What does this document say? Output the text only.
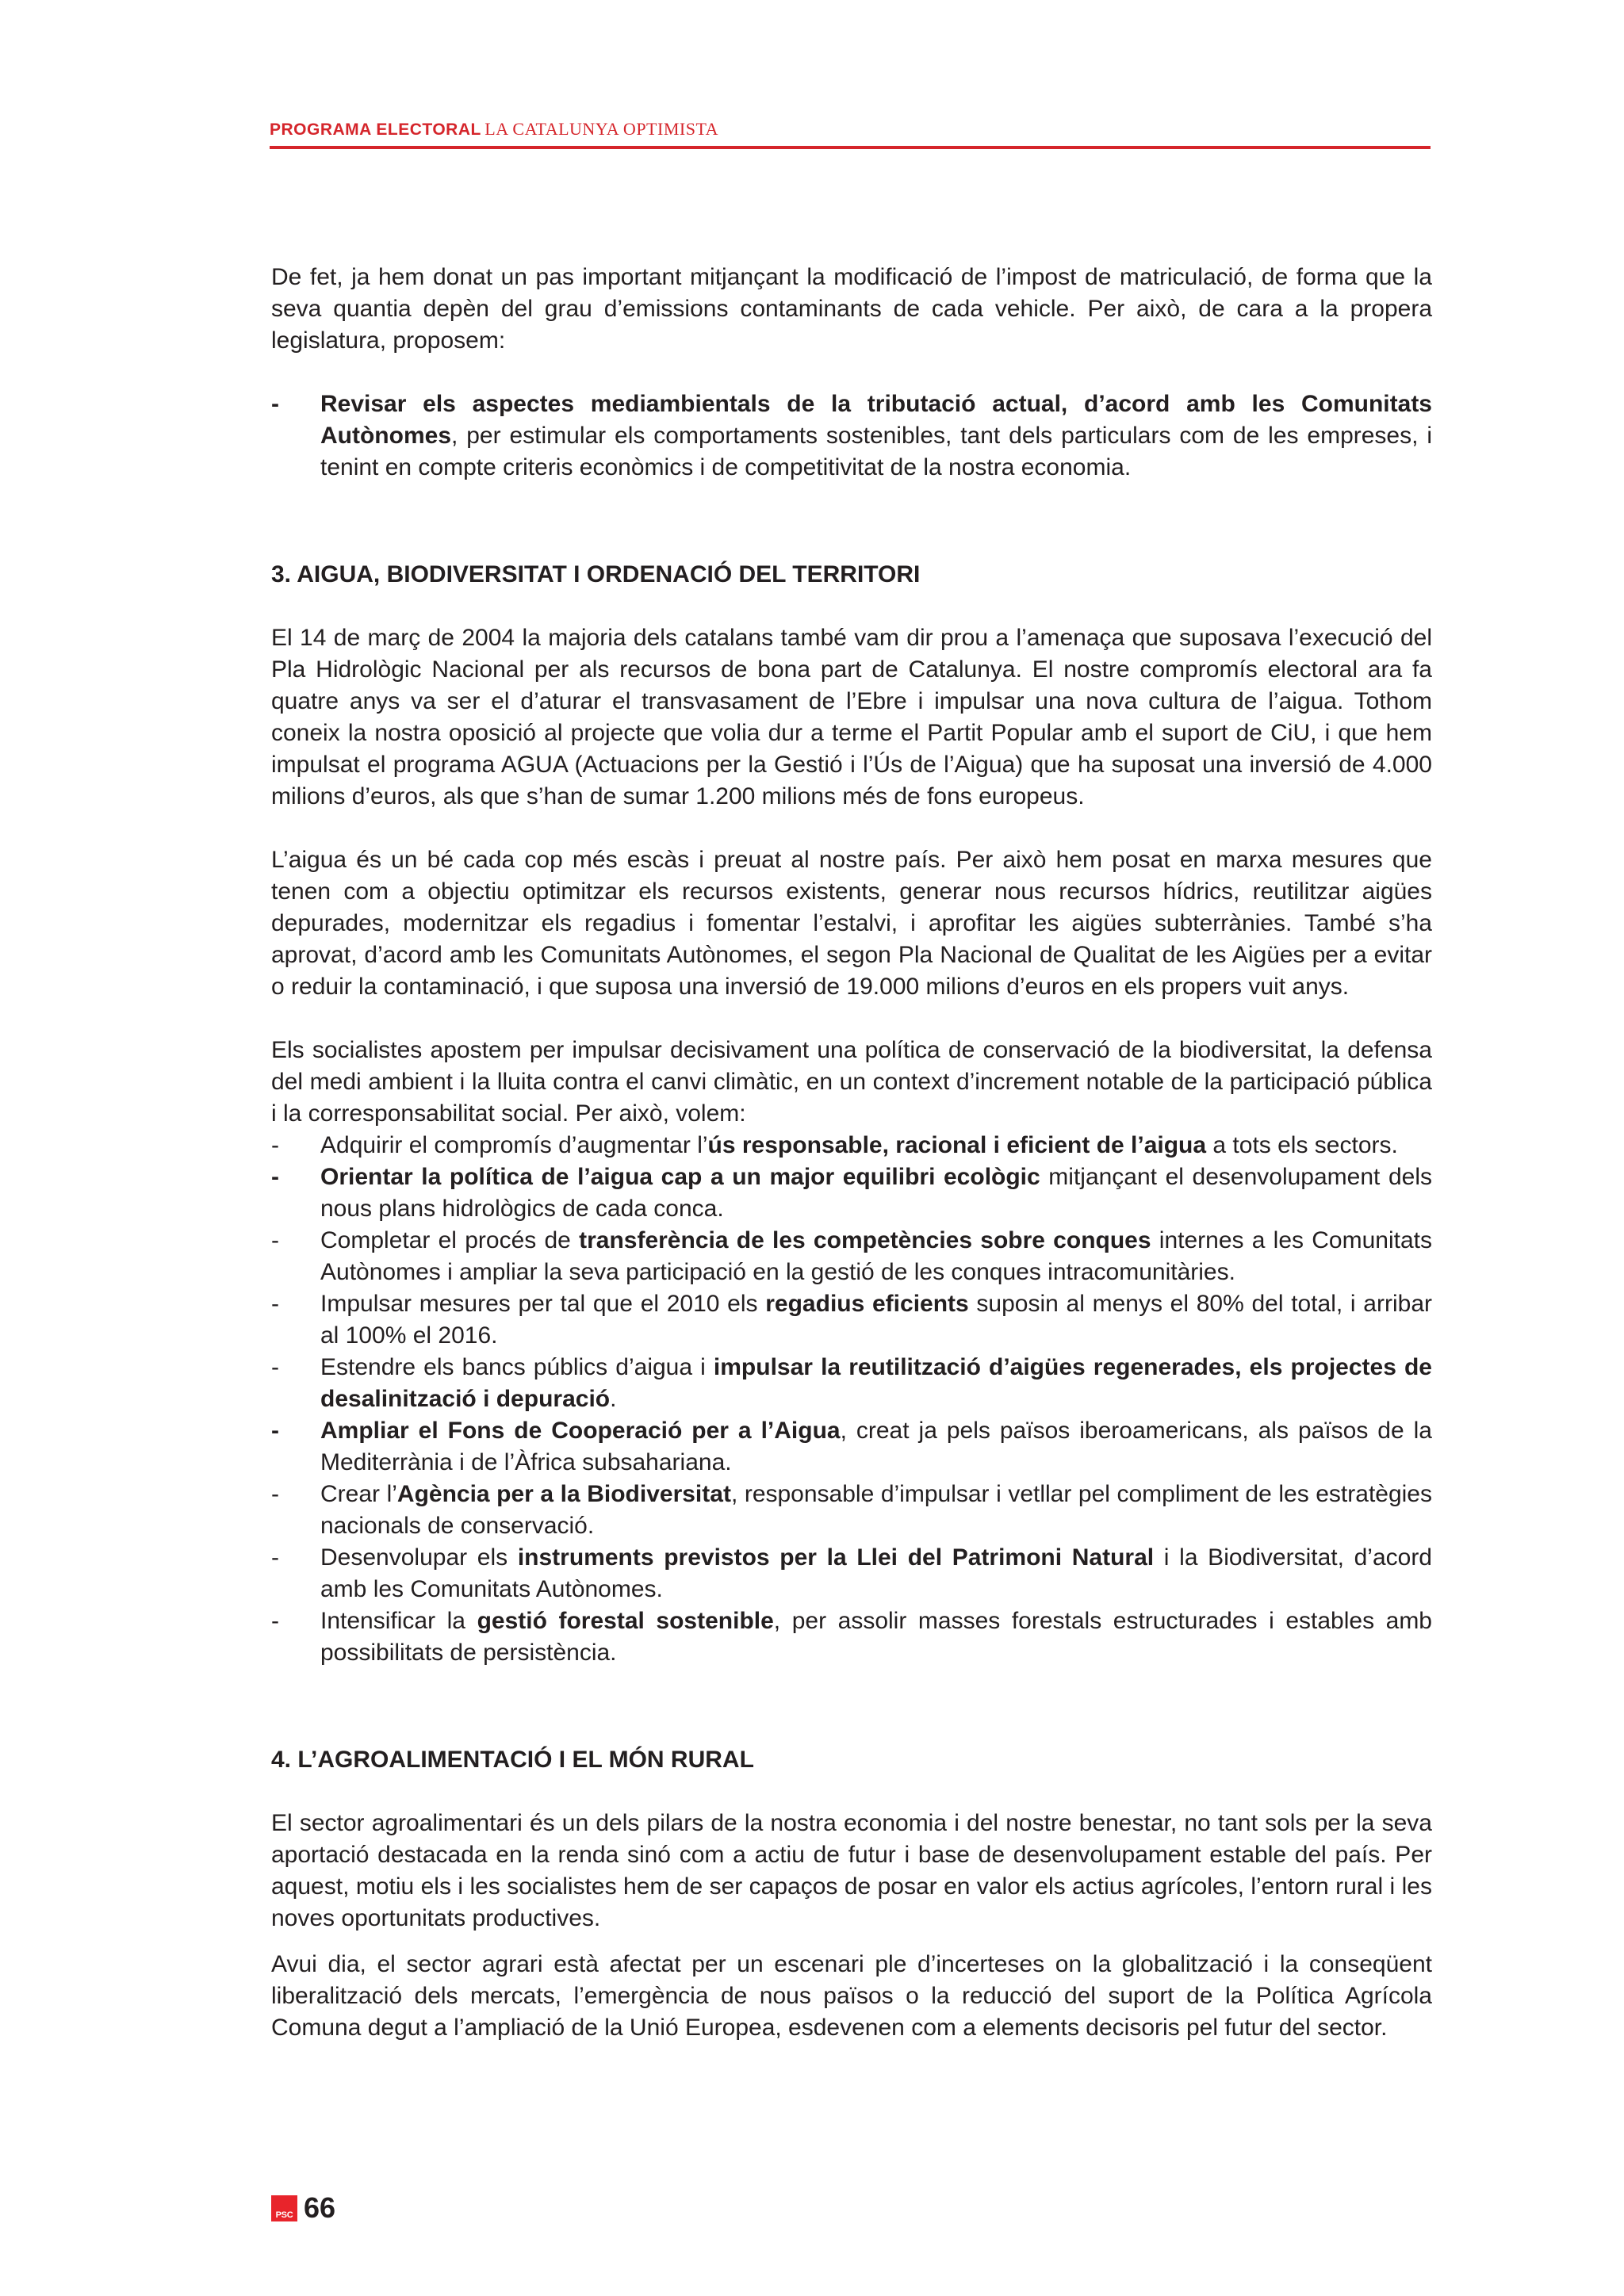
PROGRAMA ELECTORAL LA CATALUNYA OPTIMISTA

De fet, ja hem donat un pas important mitjançant la modificació de l’impost de matriculació, de forma que la seva quantia depèn del grau d’emissions contaminants de cada vehicle. Per això, de cara a la propera legislatura, proposem:

- Revisar els aspectes mediambientals de la tributació actual, d’acord amb les Comunitats Autònomes, per estimular els comportaments sostenibles, tant dels particulars com de les empreses, i tenint en compte criteris econòmics i de competitivitat de la nostra economia.
3. AIGUA, BIODIVERSITAT I ORDENACIÓ DEL TERRITORI

El 14 de març de 2004 la majoria dels catalans també vam dir prou a l’amenaça que suposava l’execució del Pla Hidrològic Nacional per als recursos de bona part de Catalunya. El nostre compromís electoral ara fa quatre anys va ser el d’aturar el transvasament de l’Ebre i impulsar una nova cultura de l’aigua. Tothom coneix la nostra oposició al projecte que volia dur a terme el Partit Popular amb el suport de CiU, i que hem impulsat el programa AGUA (Actuacions per la Gestió i l’Ús de l’Aigua) que ha suposat una inversió de 4.000 milions d’euros, als que s’han de sumar 1.200 milions més de fons europeus.

L’aigua és un bé cada cop més escàs i preuat al nostre país. Per això hem posat en marxa mesures que tenen com a objectiu optimitzar els recursos existents, generar nous recursos hídrics, reutilitzar aigües depurades, modernitzar els regadius i fomentar l’estalvi, i aprofitar les aigües subterrànies. També s’ha aprovat, d’acord amb les Comunitats Autònomes, el segon Pla Nacional de Qualitat de les Aigües per a evitar o reduir la contaminació, i que suposa una inversió de 19.000 milions d’euros en els propers vuit anys.

Els socialistes apostem per impulsar decisivament una política de conservació de la biodiversitat, la defensa del medi ambient i la lluita contra el canvi climàtic, en un context d’increment notable de la participació pública i la corresponsabilitat social. Per això, volem:

- Adquirir el compromís d’augmentar l’ús responsable, racional i eficient de l’aigua a tots els sectors.
- Orientar la política de l’aigua cap a un major equilibri ecològic mitjançant el desenvolupament dels nous plans hidrològics de cada conca.
- Completar el procés de transferència de les competències sobre conques internes a les Comunitats Autònomes i ampliar la seva participació en la gestió de les conques intracomunitàries.
- Impulsar mesures per tal que el 2010 els regadius eficients suposin al menys el 80% del total, i arribar al 100% el 2016.
- Estendre els bancs públics d’aigua i impulsar la reutilització d’aigües regenerades, els projectes de desalinització i depuració.
- Ampliar el Fons de Cooperació per a l’Aigua, creat ja pels països iberoamericans, als països de la Mediterrània i de l’Àfrica subsahariana.
- Crear l’Agència per a la Biodiversitat, responsable d’impulsar i vetllar pel compliment de les estratègies nacionals de conservació.
- Desenvolupar els instruments previstos per la Llei del Patrimoni Natural i la Biodiversitat, d’acord amb les Comunitats Autònomes.
- Intensificar la gestió forestal sostenible, per assolir masses forestals estructurades i estables amb possibilitats de persistència.
4. L’AGROALIMENTACIÓ I EL MÓN RURAL

El sector agroalimentari és un dels pilars de la nostra economia i del nostre benestar, no tant sols per la seva aportació destacada en la renda sinó com a actiu de futur i base de desenvolupament estable del país. Per aquest, motiu els i les socialistes hem de ser capaços de posar en valor els actius agrícoles, l’entorn rural i les noves oportunitats productives.

Avui dia, el sector agrari està afectat per un escenari ple d’incerteses on la globalització i la conseqüent liberalització dels mercats, l’emergència de nous països o la reducció del suport de la Política Agrícola Comuna degut a l’ampliació de la Unió Europea, esdevenen com a elements decisoris pel futur del sector.

PSC 66
